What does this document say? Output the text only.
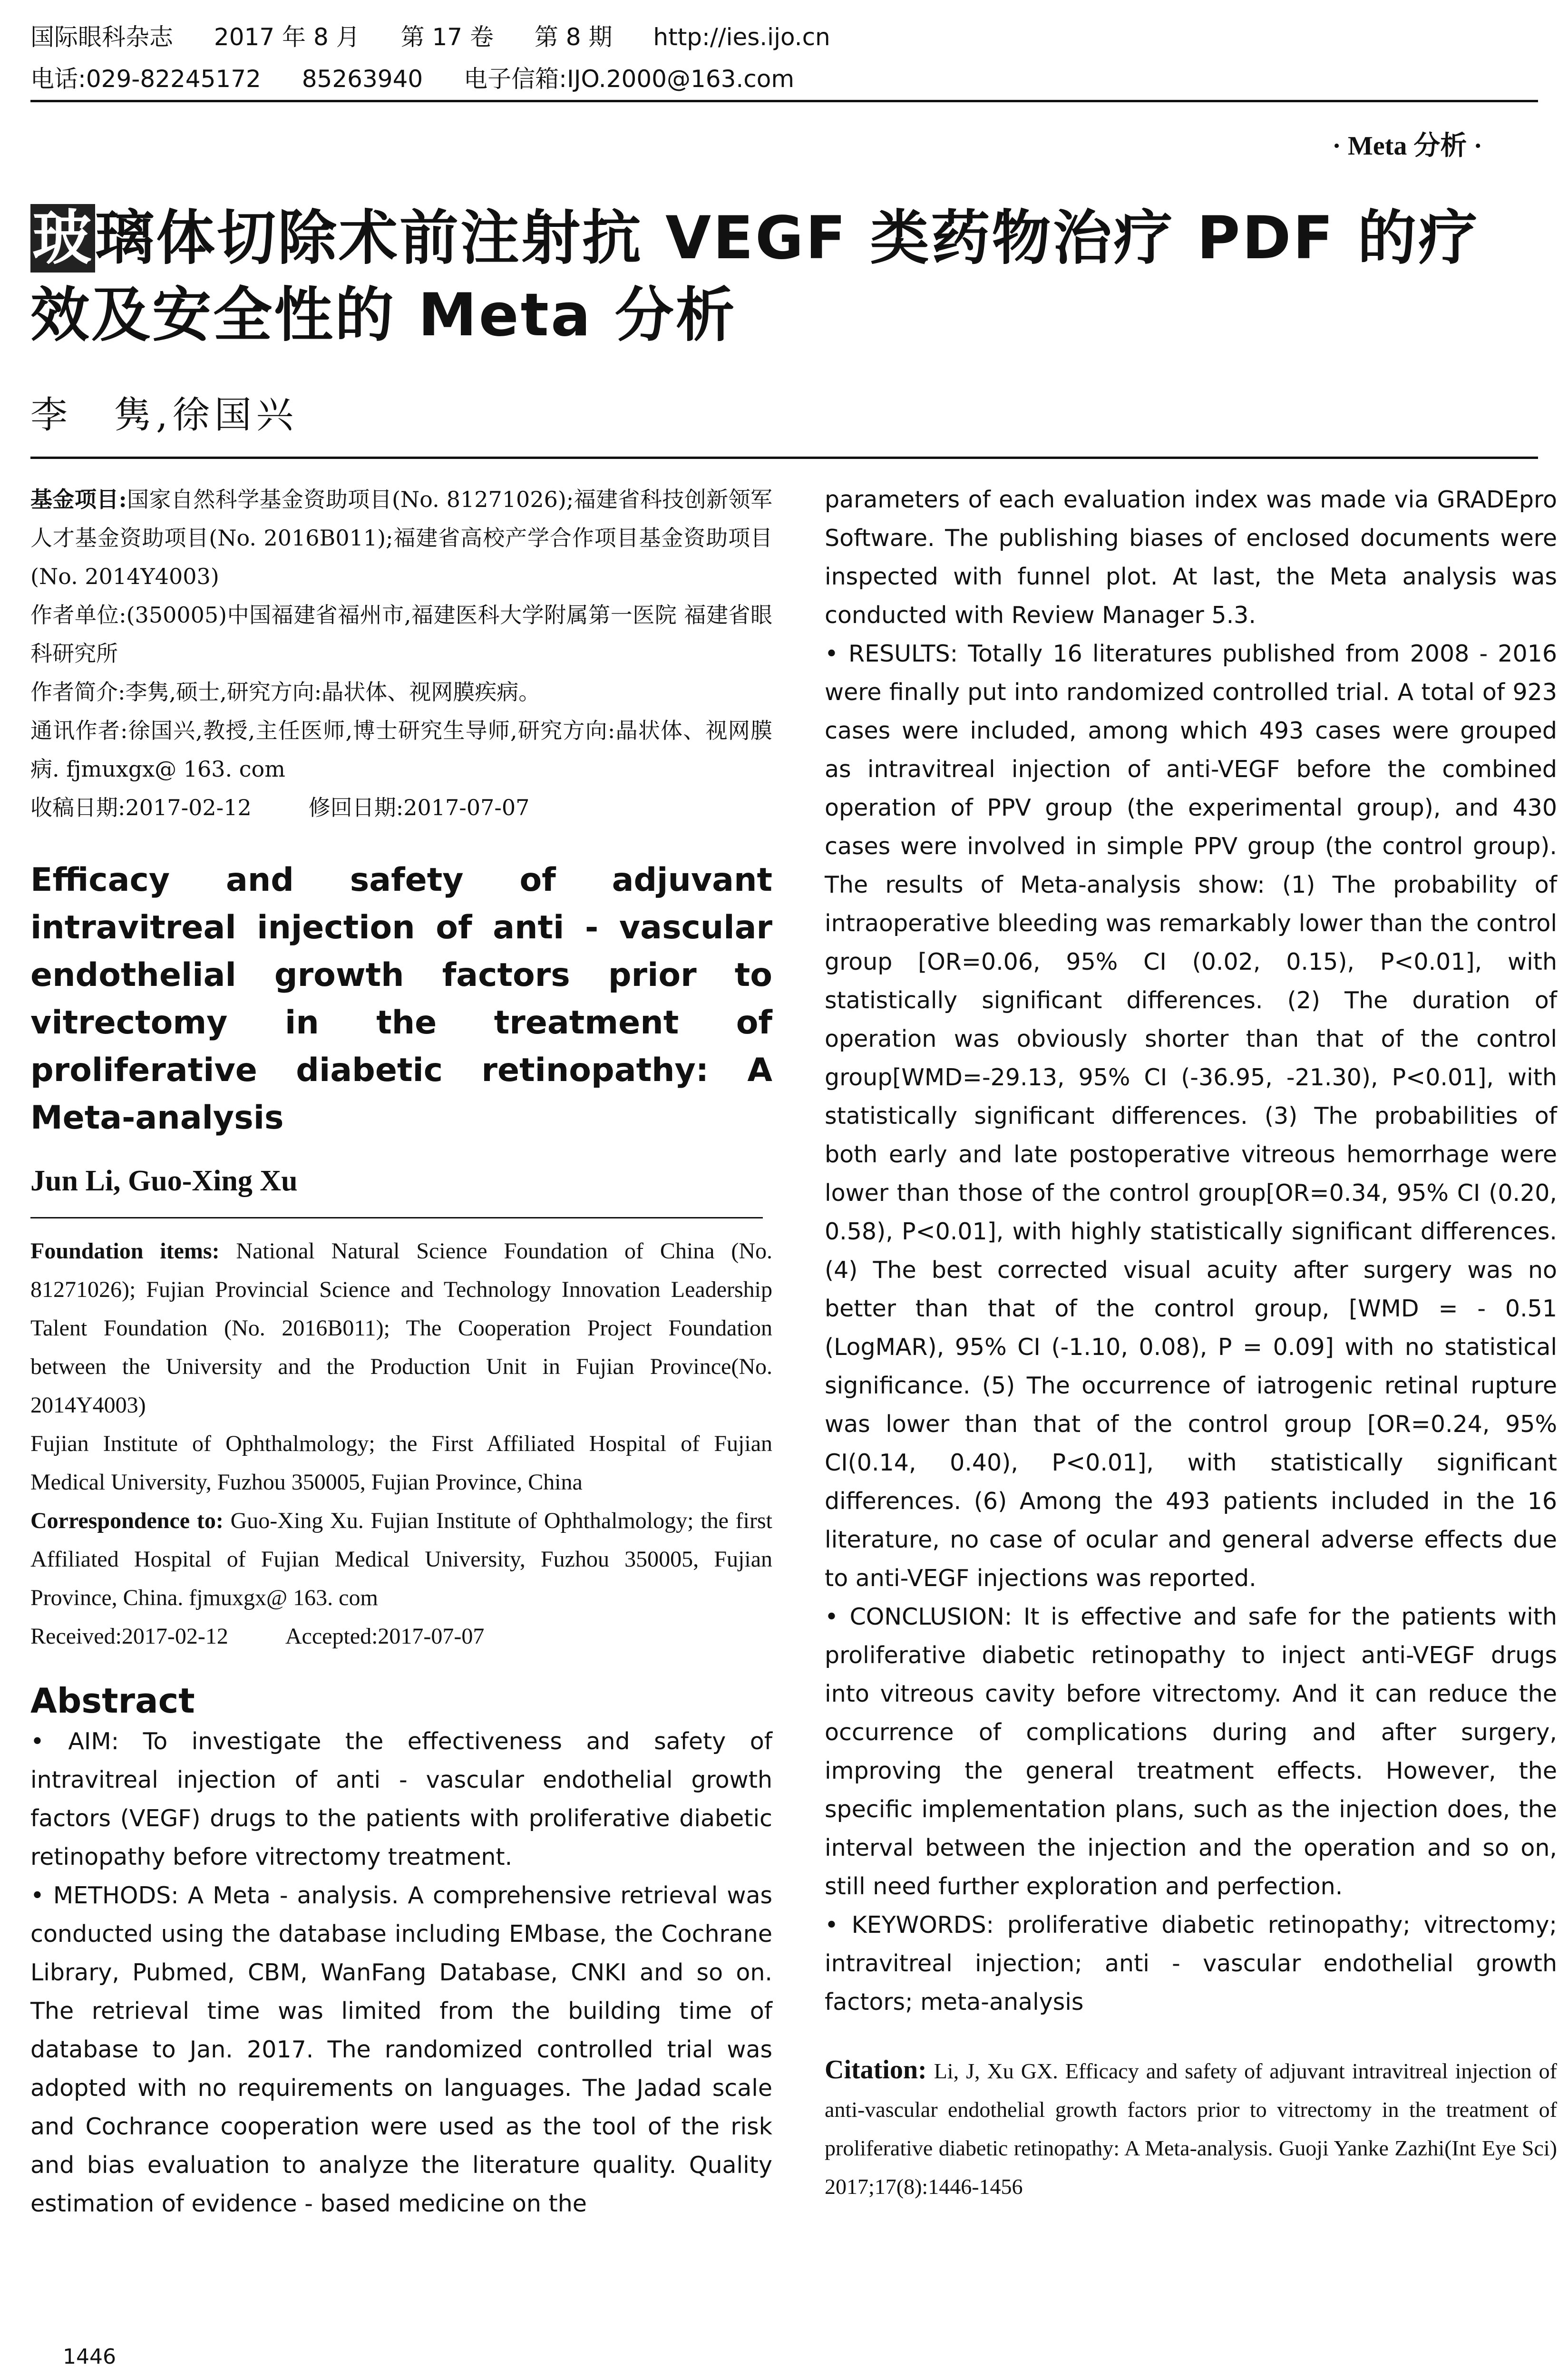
国际眼科杂志 2017 年 8 月 第 17 卷 第 8 期 http://ies.ijo.cn
电话:029-82245172 85263940 电子信箱:IJO.2000@163.com
· Meta 分析 ·
玻璃体切除术前注射抗 VEGF 类药物治疗 PDF 的疗效及安全性的 Meta 分析
李　隽,徐国兴

基金项目:国家自然科学基金资助项目(No. 81271026);福建省科技创新领军人才基金资助项目(No. 2016B011);福建省高校产学合作项目基金资助项目(No. 2014Y4003)

作者单位:(350005)中国福建省福州市,福建医科大学附属第一医院 福建省眼科研究所

作者简介:李隽,硕士,研究方向:晶状体、视网膜疾病。

通讯作者:徐国兴,教授,主任医师,博士研究生导师,研究方向:晶状体、视网膜病. fjmuxgx@ 163. com

收稿日期:2017-02-12	修回日期:2017-07-07

Efficacy and safety of adjuvant intravitreal injection of anti - vascular endothelial growth factors prior to vitrectomy in the treatment of proliferative diabetic retinopathy: A Meta-analysis
Jun Li, Guo-Xing Xu

Foundation items: National Natural Science Foundation of China (No. 81271026); Fujian Provincial Science and Technology Innovation Leadership Talent Foundation (No. 2016B011); The Cooperation Project Foundation between the University and the Production Unit in Fujian Province(No. 2014Y4003)

Fujian Institute of Ophthalmology; the First Affiliated Hospital of Fujian Medical University, Fuzhou 350005, Fujian Province, China

Correspondence to: Guo-Xing Xu. Fujian Institute of Ophthalmology; the first Affiliated Hospital of Fujian Medical University, Fuzhou 350005, Fujian Province, China. fjmuxgx@ 163. com

Received:2017-02-12	Accepted:2017-07-07

Abstract

• AIM: To investigate the effectiveness and safety of intravitreal injection of anti - vascular endothelial growth factors (VEGF) drugs to the patients with proliferative diabetic retinopathy before vitrectomy treatment.

• METHODS: A Meta - analysis. A comprehensive retrieval was conducted using the database including EMbase, the Cochrane Library, Pubmed, CBM, WanFang Database, CNKI and so on. The retrieval time was limited from the building time of database to Jan. 2017. The randomized controlled trial was adopted with no requirements on languages. The Jadad scale and Cochrance cooperation were used as the tool of the risk and bias evaluation to analyze the literature quality. Quality estimation of evidence - based medicine on the

parameters of each evaluation index was made via GRADEpro Software. The publishing biases of enclosed documents were inspected with funnel plot. At last, the Meta analysis was conducted with Review Manager 5.3.

• RESULTS: Totally 16 literatures published from 2008 - 2016 were finally put into randomized controlled trial. A total of 923 cases were included, among which 493 cases were grouped as intravitreal injection of anti-VEGF before the combined operation of PPV group (the experimental group), and 430 cases were involved in simple PPV group (the control group). The results of Meta-analysis show: (1) The probability of intraoperative bleeding was remarkably lower than the control group [OR=0.06, 95% CI (0.02, 0.15), P<0.01], with statistically significant differences. (2) The duration of operation was obviously shorter than that of the control group[WMD=-29.13, 95% CI (-36.95, -21.30), P<0.01], with statistically significant differences. (3) The probabilities of both early and late postoperative vitreous hemorrhage were lower than those of the control group[OR=0.34, 95% CI (0.20, 0.58), P<0.01], with highly statistically significant differences. (4) The best corrected visual acuity after surgery was no better than that of the control group, [WMD = - 0.51 (LogMAR), 95% CI (-1.10, 0.08), P = 0.09] with no statistical significance. (5) The occurrence of iatrogenic retinal rupture was lower than that of the control group [OR=0.24, 95% CI(0.14, 0.40), P<0.01], with statistically significant differences. (6) Among the 493 patients included in the 16 literature, no case of ocular and general adverse effects due to anti-VEGF injections was reported.

• CONCLUSION: It is effective and safe for the patients with proliferative diabetic retinopathy to inject anti-VEGF drugs into vitreous cavity before vitrectomy. And it can reduce the occurrence of complications during and after surgery, improving the general treatment effects. However, the specific implementation plans, such as the injection does, the interval between the injection and the operation and so on, still need further exploration and perfection.

• KEYWORDS: proliferative diabetic retinopathy; vitrectomy; intravitreal injection; anti - vascular endothelial growth factors; meta-analysis

Citation: Li, J, Xu GX. Efficacy and safety of adjuvant intravitreal injection of anti-vascular endothelial growth factors prior to vitrectomy in the treatment of proliferative diabetic retinopathy: A Meta-analysis. Guoji Yanke Zazhi(Int Eye Sci) 2017;17(8):1446-1456
1446
